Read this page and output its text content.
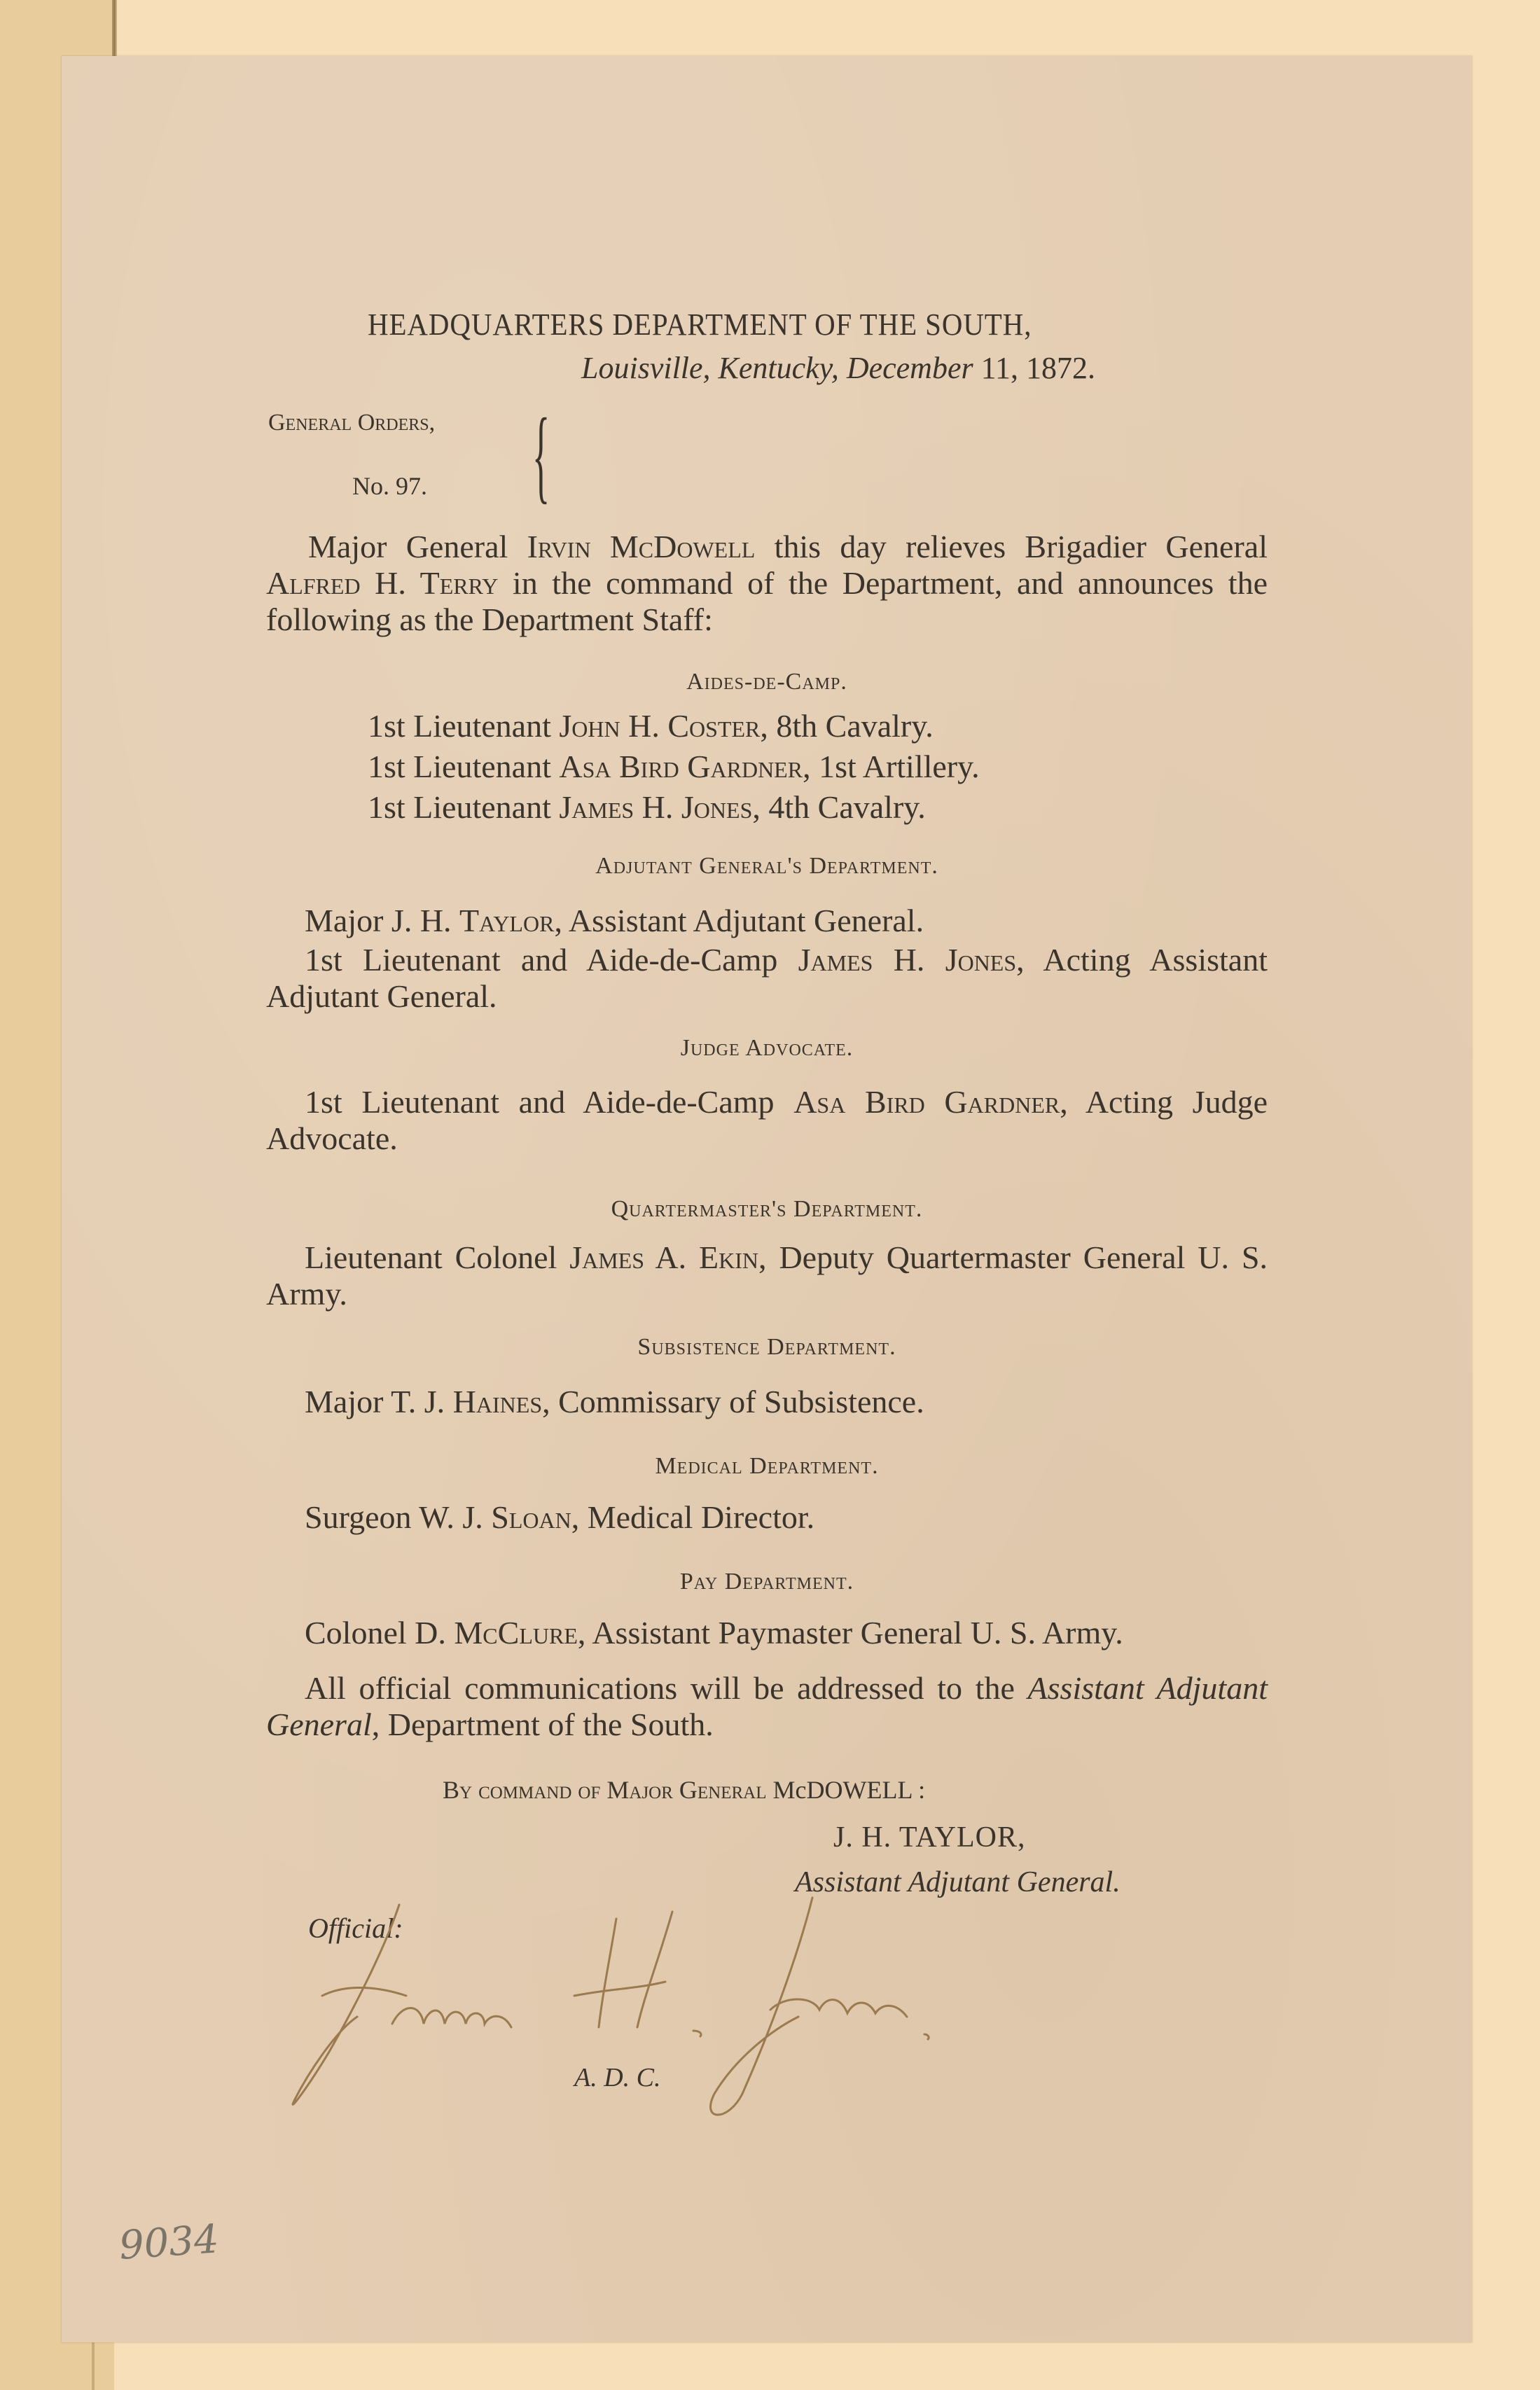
HEADQUARTERS DEPARTMENT OF THE SOUTH,
Louisville, Kentucky, December 11, 1872.
General Orders,
No. 97. {
Major General Irvin McDowell this day relieves Brigadier General Alfred H. Terry in the command of the Department, and announces the following as the Department Staff:
Aides-de-Camp.
1st Lieutenant John H. Coster, 8th Cavalry.
1st Lieutenant Asa Bird Gardner, 1st Artillery.
1st Lieutenant James H. Jones, 4th Cavalry.
Adjutant General's Department.
Major J. H. Taylor, Assistant Adjutant General.
1st Lieutenant and Aide-de-Camp James H. Jones, Acting Assistant Adjutant General.
Judge Advocate.
1st Lieutenant and Aide-de-Camp Asa Bird Gardner, Acting Judge Advocate.
Quartermaster's Department.
Lieutenant Colonel James A. Ekin, Deputy Quartermaster General U. S. Army.
Subsistence Department.
Major T. J. Haines, Commissary of Subsistence.
Medical Department.
Surgeon W. J. Sloan, Medical Director.
Pay Department.
Colonel D. McClure, Assistant Paymaster General U. S. Army.
All official communications will be addressed to the Assistant Adjutant General, Department of the South.
By command of Major General McDOWELL :
J. H. TAYLOR,
Assistant Adjutant General.
Official:
A. D. C.
9034
